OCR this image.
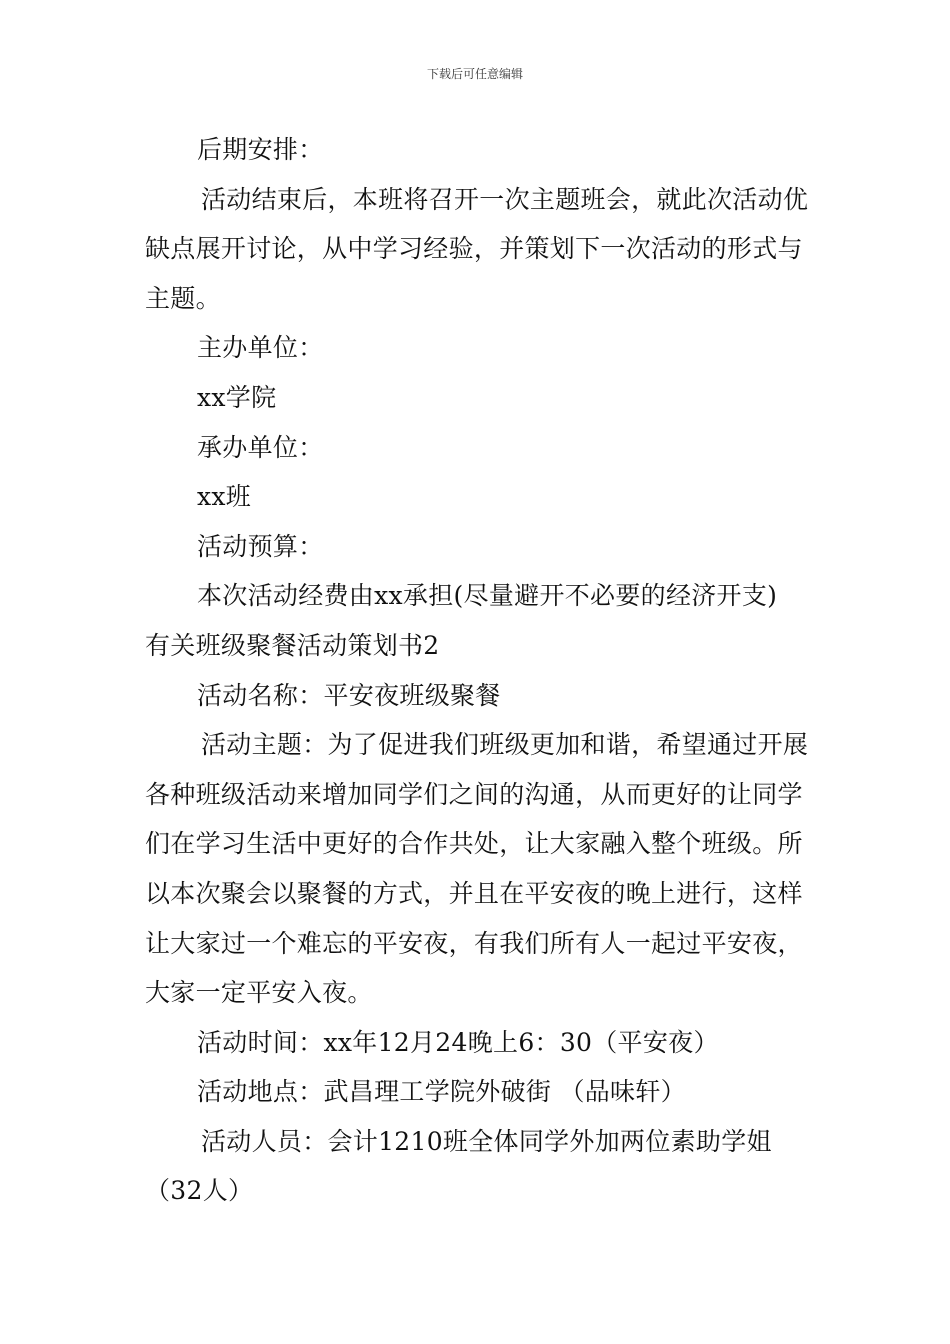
下载后可任意编辑

后期安排：

活动结束后，本班将召开一次主题班会，就此次活动优缺点展开讨论，从中学习经验，并策划下一次活动的形式与主题。

主办单位：

xx学院

承办单位：

xx班

活动预算：

本次活动经费由xx承担(尽量避开不必要的经济开支)

有关班级聚餐活动策划书2

活动名称：平安夜班级聚餐

活动主题：为了促进我们班级更加和谐，希望通过开展各种班级活动来增加同学们之间的沟通，从而更好的让同学们在学习生活中更好的合作共处，让大家融入整个班级。所以本次聚会以聚餐的方式，并且在平安夜的晚上进行，这样让大家过一个难忘的平安夜，有我们所有人一起过平安夜，大家一定平安入夜。

活动时间：xx年12月24晚上6：30（平安夜）

活动地点：武昌理工学院外破街 （品味轩）

活动人员：会计1210班全体同学外加两位素助学姐（32人）
